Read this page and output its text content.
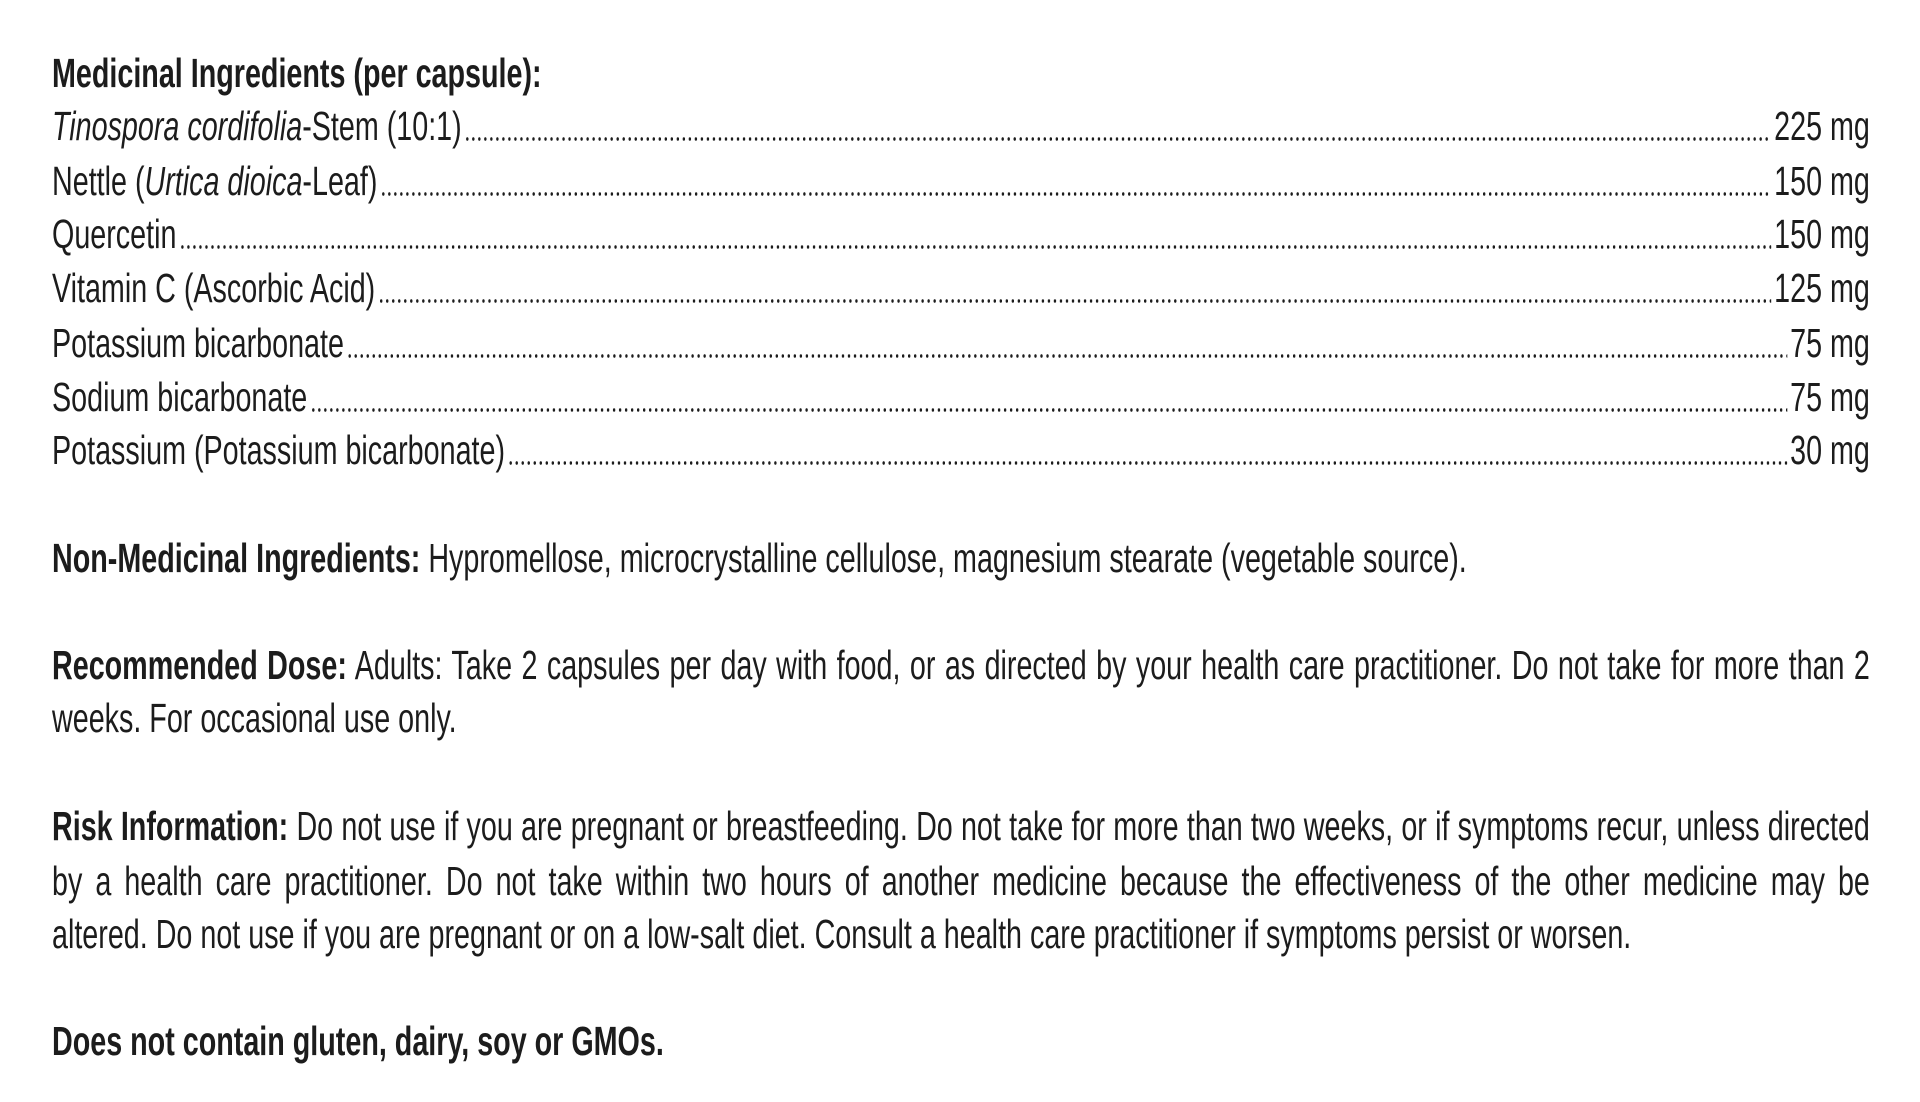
Medicinal Ingredients (per capsule):
Tinospora cordifolia-Stem (10:1)	225 mg
Nettle (Urtica dioica-Leaf)	150 mg
Quercetin	150 mg
Vitamin C (Ascorbic Acid)	125 mg
Potassium bicarbonate	75 mg
Sodium bicarbonate	75 mg
Potassium (Potassium bicarbonate)	30 mg
Non-Medicinal Ingredients: Hypromellose, microcrystalline cellulose, magnesium stearate (vegetable source).
Recommended Dose: Adults: Take 2 capsules per day with food, or as directed by your health care practitioner. Do not take for more than 2
weeks. For occasional use only.
Risk Information: Do not use if you are pregnant or breastfeeding. Do not take for more than two weeks, or if symptoms recur, unless directed
by a health care practitioner. Do not take within two hours of another medicine because the effectiveness of the other medicine may be
altered. Do not use if you are pregnant or on a low-salt diet. Consult a health care practitioner if symptoms persist or worsen.
Does not contain gluten, dairy, soy or GMOs.
